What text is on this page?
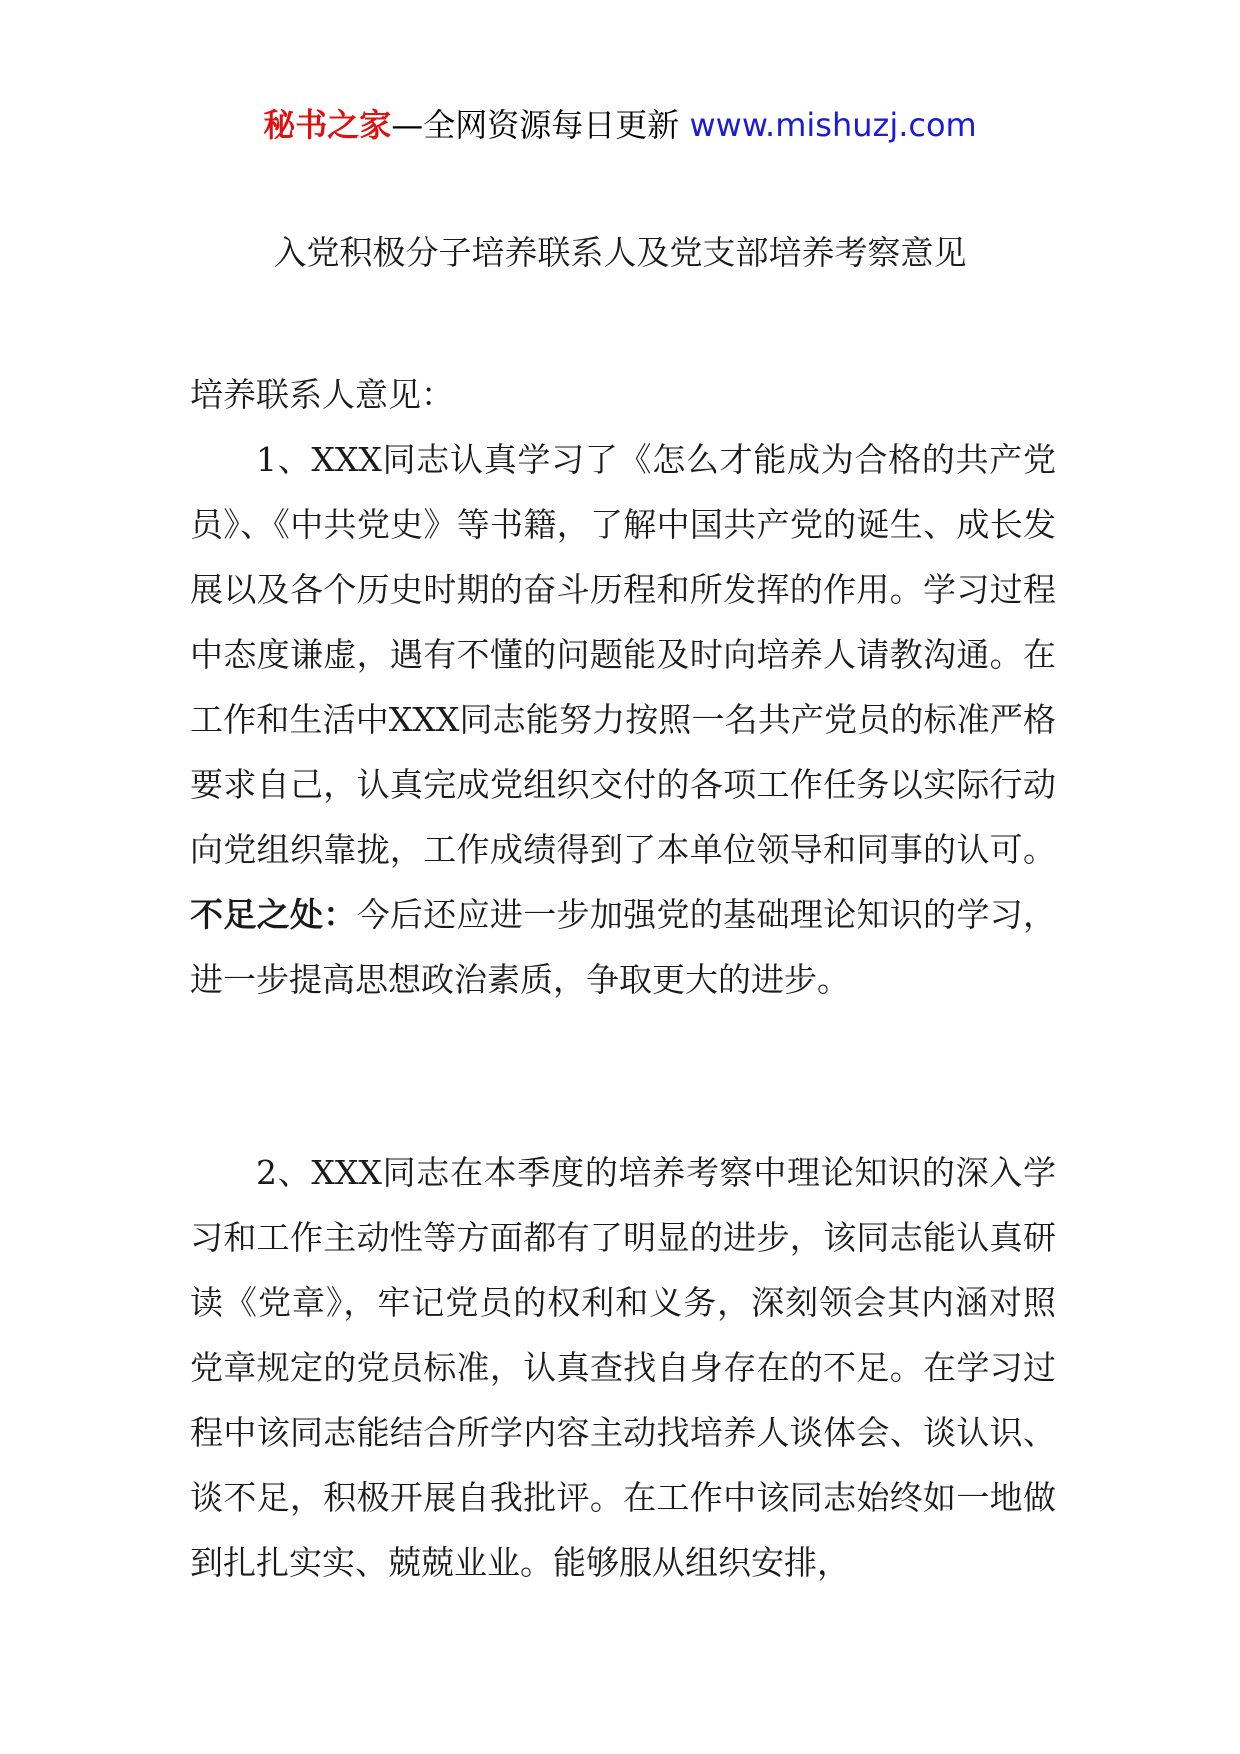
秘书之家—全网资源每日更新 www.mishuzj.com
入党积极分子培养联系人及党支部培养考察意见
培养联系人意见：
1、XXX同志认真学习了《怎么才能成为合格的共产党员》、《中共党史》等书籍，了解中国共产党的诞生、成长发展以及各个历史时期的奋斗历程和所发挥的作用。学习过程中态度谦虚，遇有不懂的问题能及时向培养人请教沟通。在工作和生活中XXX同志能努力按照一名共产党员的标准严格要求自己，认真完成党组织交付的各项工作任务以实际行动向党组织靠拢，工作成绩得到了本单位领导和同事的认可。 不足之处：今后还应进一步加强党的基础理论知识的学习，进一步提高思想政治素质，争取更大的进步。
2、XXX同志在本季度的培养考察中理论知识的深入学习和工作主动性等方面都有了明显的进步，该同志能认真研读《党章》，牢记党员的权利和义务，深刻领会其内涵对照党章规定的党员标准，认真查找自身存在的不足。在学习过程中该同志能结合所学内容主动找培养人谈体会、谈认识、谈不足，积极开展自我批评。在工作中该同志始终如一地做到扎扎实实、兢兢业业。能够服从组织安排，
